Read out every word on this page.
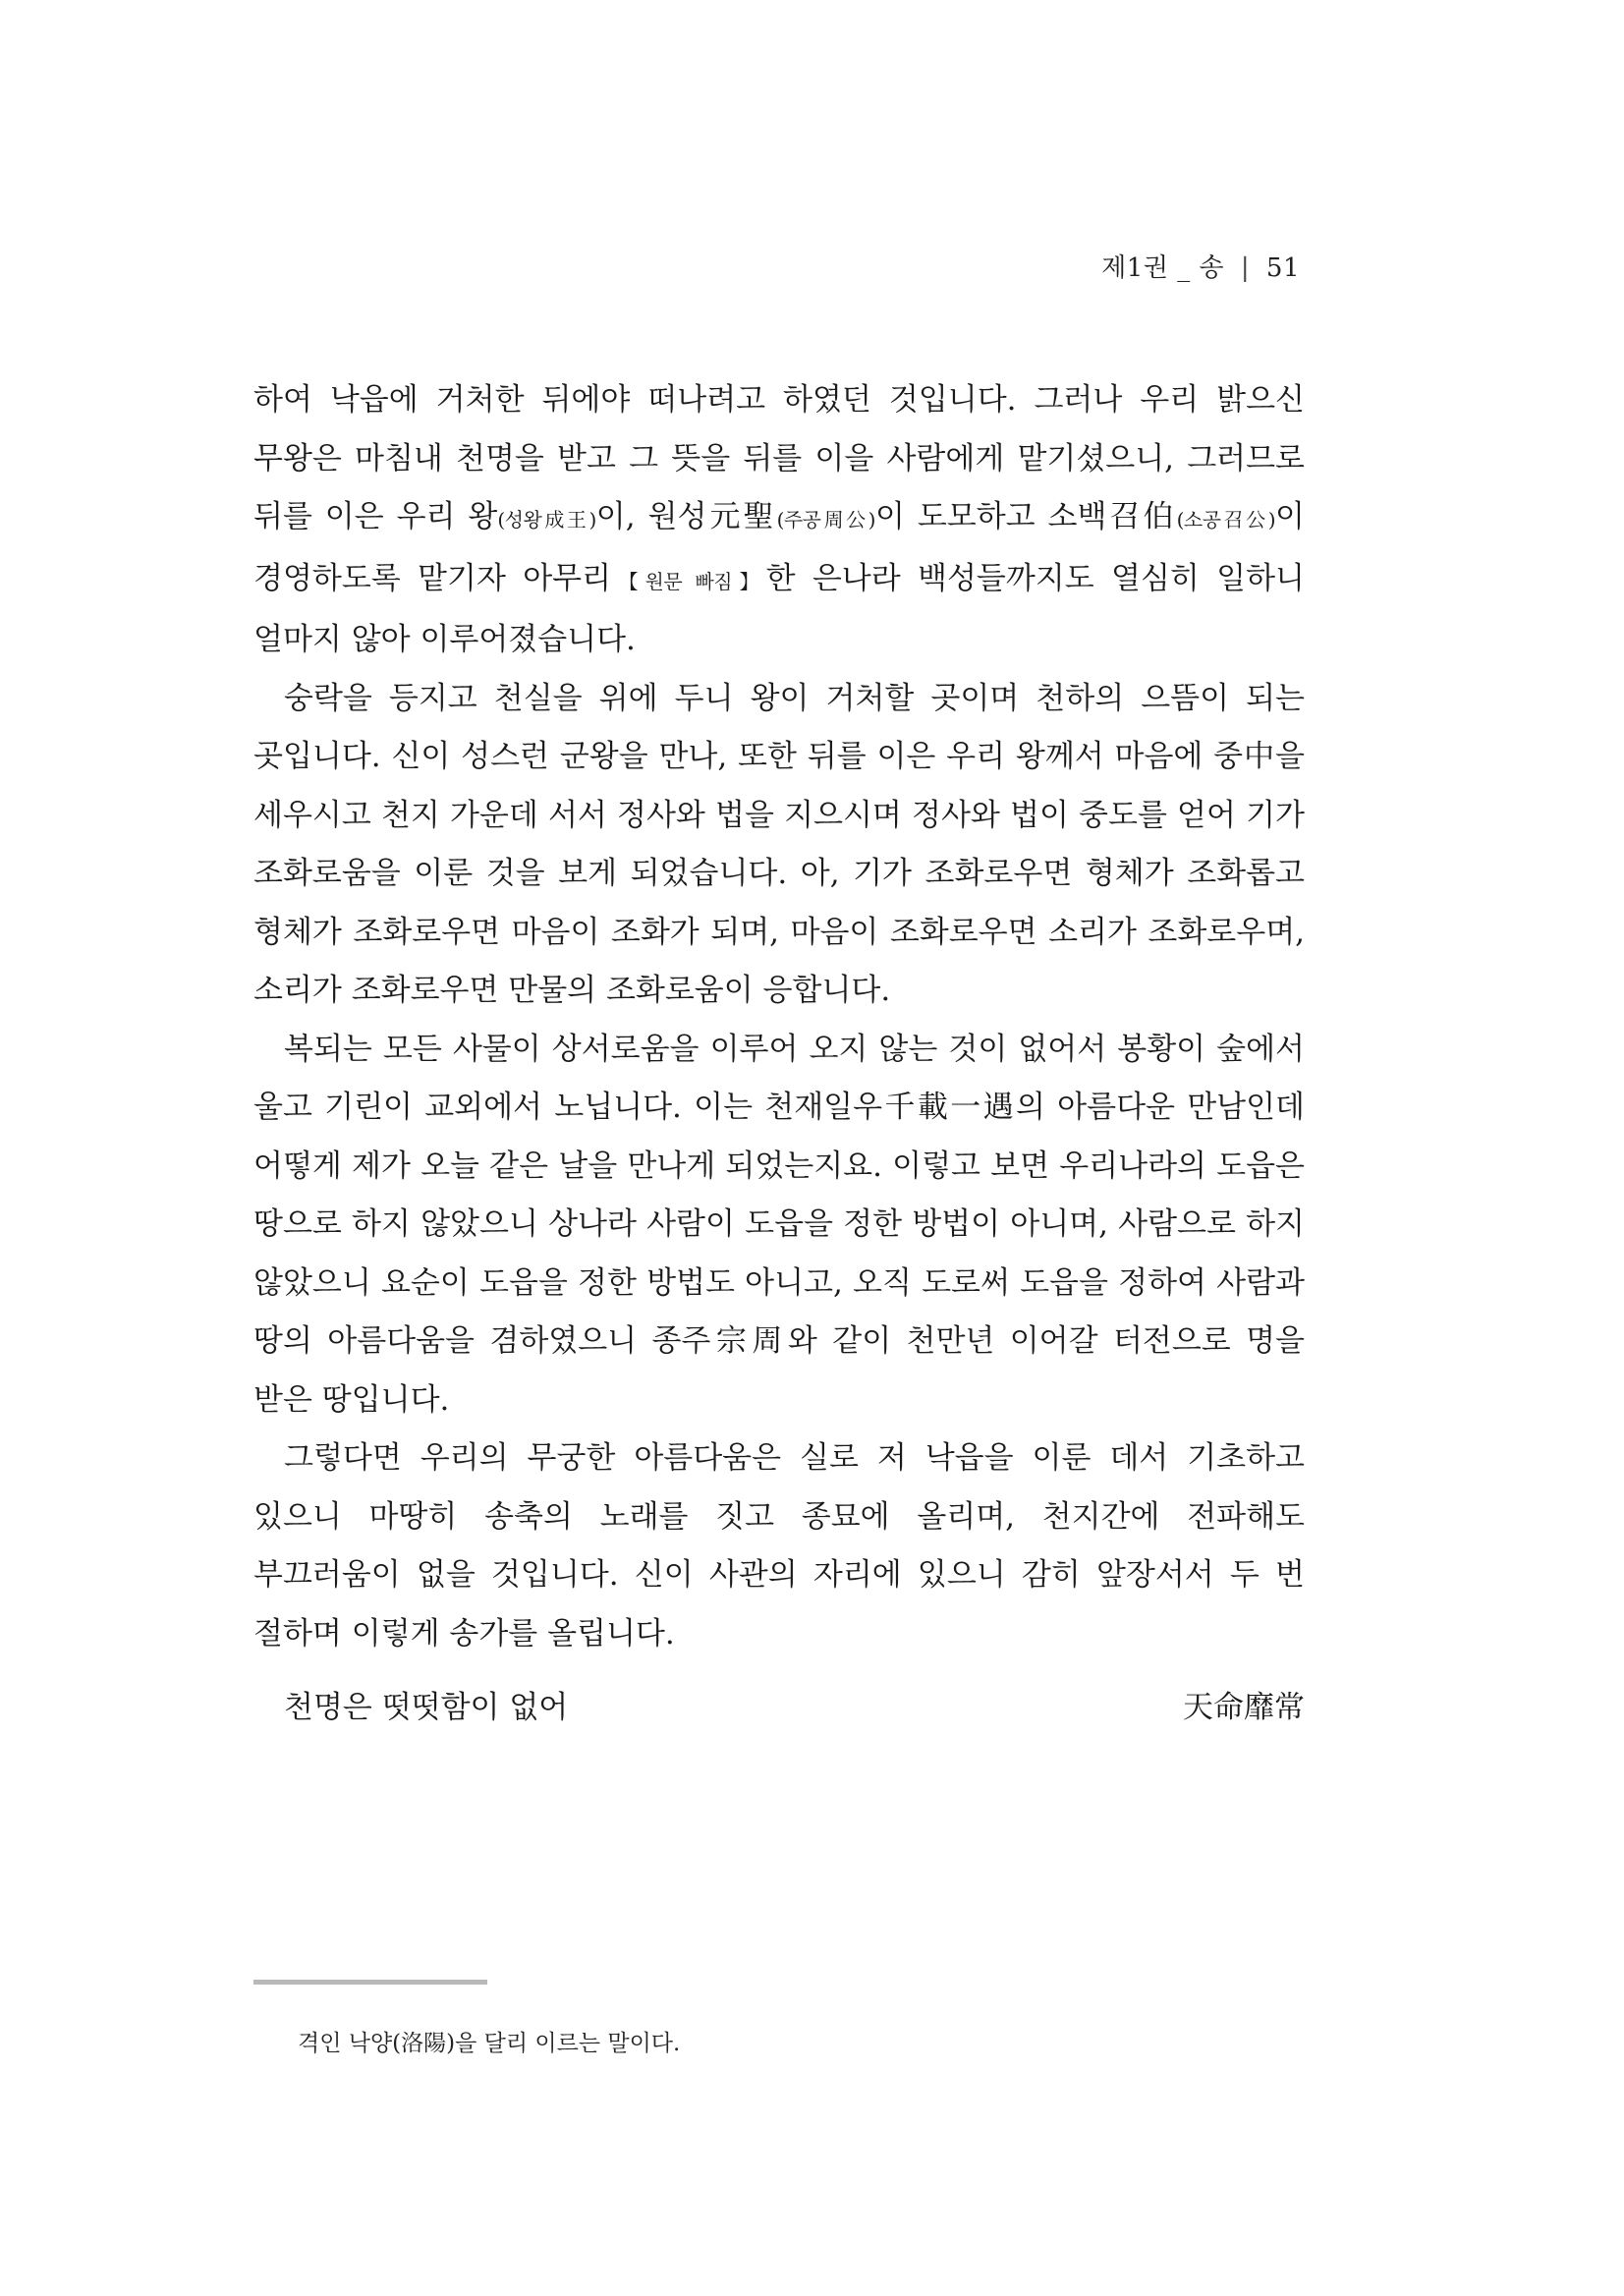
제1권 _ 송 | 51

하여 낙읍에 거처한 뒤에야 떠나려고 하였던 것입니다. 그러나 우리 밝으신 무왕은 마침내 천명을 받고 그 뜻을 뒤를 이을 사람에게 맡기셨으니, 그러므로 뒤를 이은 우리 왕(성왕成王)이, 원성元聖(주공周公)이 도모하고 소백召伯(소공召公)이 경영하도록 맡기자 아무리【원문 빠짐】한 은나라 백성들까지도 열심히 일하니 얼마지 않아 이루어졌습니다.

숭락을 등지고 천실을 위에 두니 왕이 거처할 곳이며 천하의 으뜸이 되는 곳입니다. 신이 성스런 군왕을 만나, 또한 뒤를 이은 우리 왕께서 마음에 중中을 세우시고 천지 가운데 서서 정사와 법을 지으시며 정사와 법이 중도를 얻어 기가 조화로움을 이룬 것을 보게 되었습니다. 아, 기가 조화로우면 형체가 조화롭고 형체가 조화로우면 마음이 조화가 되며, 마음이 조화로우면 소리가 조화로우며, 소리가 조화로우면 만물의 조화로움이 응합니다.

복되는 모든 사물이 상서로움을 이루어 오지 않는 것이 없어서 봉황이 숲에서 울고 기린이 교외에서 노닙니다. 이는 천재일우千載一遇의 아름다운 만남인데 어떻게 제가 오늘 같은 날을 만나게 되었는지요. 이렇고 보면 우리나라의 도읍은 땅으로 하지 않았으니 상나라 사람이 도읍을 정한 방법이 아니며, 사람으로 하지 않았으니 요순이 도읍을 정한 방법도 아니고, 오직 도로써 도읍을 정하여 사람과 땅의 아름다움을 겸하였으니 종주宗周와 같이 천만년 이어갈 터전으로 명을 받은 땅입니다.

그렇다면 우리의 무궁한 아름다움은 실로 저 낙읍을 이룬 데서 기초하고 있으니 마땅히 송축의 노래를 짓고 종묘에 올리며, 천지간에 전파해도 부끄러움이 없을 것입니다. 신이 사관의 자리에 있으니 감히 앞장서서 두 번 절하며 이렇게 송가를 올립니다.

천명은 떳떳함이 없어	天命靡常
격인 낙양(洛陽)을 달리 이르는 말이다.
